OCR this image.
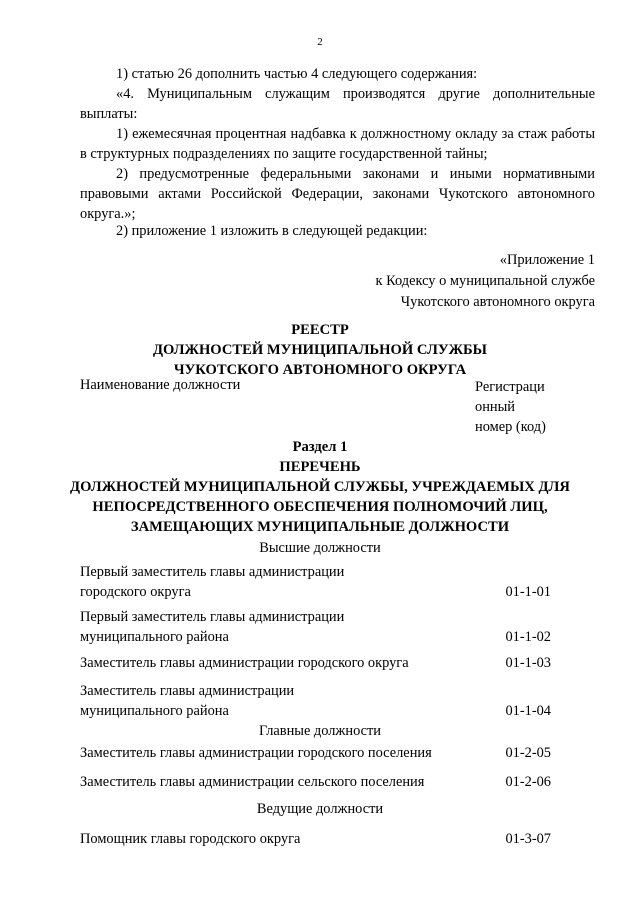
2
1) статью 26 дополнить частью 4 следующего содержания:
«4. Муниципальным служащим производятся другие дополнительные выплаты:
1) ежемесячная процентная надбавка к должностному окладу за стаж работы в структурных подразделениях по защите государственной тайны;
2) предусмотренные федеральными законами и иными нормативными правовыми актами Российской Федерации, законами Чукотского автономного округа.»;
2) приложение 1 изложить в следующей редакции:
«Приложение 1
к Кодексу о муниципальной службе
Чукотского автономного округа
РЕЕСТР
ДОЛЖНОСТЕЙ МУНИЦИПАЛЬНОЙ СЛУЖБЫ
ЧУКОТСКОГО АВТОНОМНОГО ОКРУГА
Наименование должности	Регистраци
онный
номер (код)
Раздел 1
ПЕРЕЧЕНЬ
ДОЛЖНОСТЕЙ МУНИЦИПАЛЬНОЙ СЛУЖБЫ, УЧРЕЖДАЕМЫХ ДЛЯ
НЕПОСРЕДСТВЕННОГО ОБЕСПЕЧЕНИЯ ПОЛНОМОЧИЙ ЛИЦ,
ЗАМЕЩАЮЩИХ МУНИЦИПАЛЬНЫЕ ДОЛЖНОСТИ
Высшие должности
Первый заместитель главы администрации
городского округа	01-1-01
Первый заместитель главы администрации
муниципального района	01-1-02
Заместитель главы администрации городского округа	01-1-03
Заместитель главы администрации
муниципального района	01-1-04
Главные должности
Заместитель главы администрации городского поселения	01-2-05
Заместитель главы администрации сельского поселения	01-2-06
Ведущие должности
Помощник главы городского округа	01-3-07
